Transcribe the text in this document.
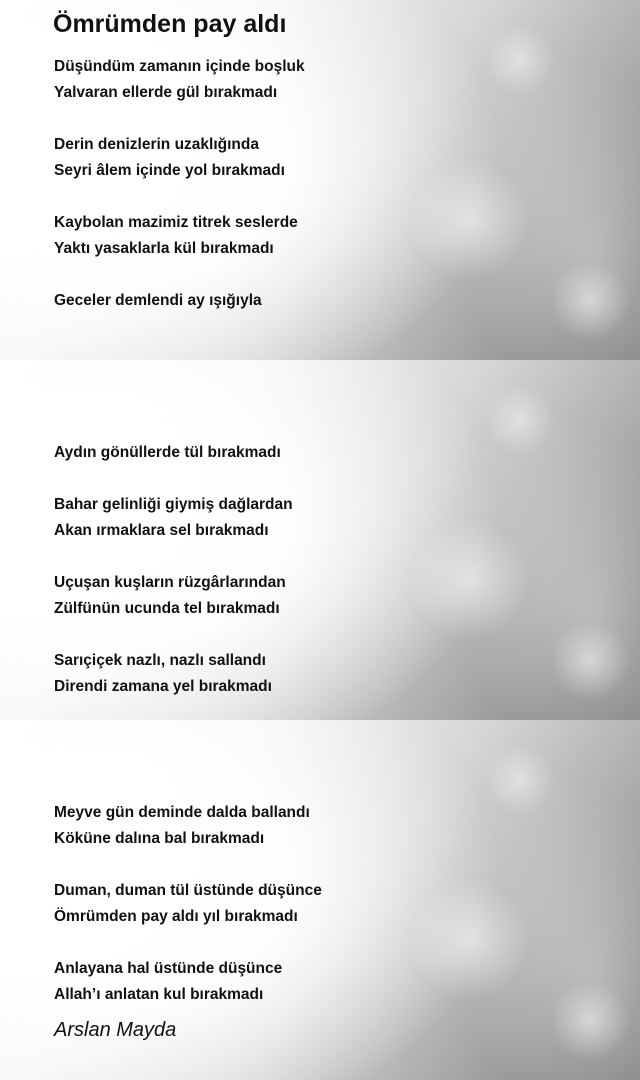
Ömrümden pay aldı
Düşündüm zamanın içinde boşluk
Yalvaran ellerde gül bırakmadı
Derin denizlerin uzaklığında
Seyri âlem içinde yol bırakmadı
Kaybolan mazimiz titrek seslerde
Yaktı yasaklarla kül bırakmadı
Geceler demlendi ay ışığıyla
Aydın gönüllerde tül bırakmadı
Bahar gelinliği giymiş dağlardan
Akan ırmaklara sel bırakmadı
Uçuşan kuşların rüzgârlarından
Zülfünün ucunda tel bırakmadı
Sarıçiçek nazlı, nazlı sallandı
Direndi zamana yel bırakmadı
Meyve gün deminde dalda ballandı
Köküne dalına bal bırakmadı
Duman, duman tül üstünde düşünce
Ömrümden pay aldı yıl bırakmadı
Anlayana hal üstünde düşünce
Allah’ı anlatan kul bırakmadı
Arslan Mayda
